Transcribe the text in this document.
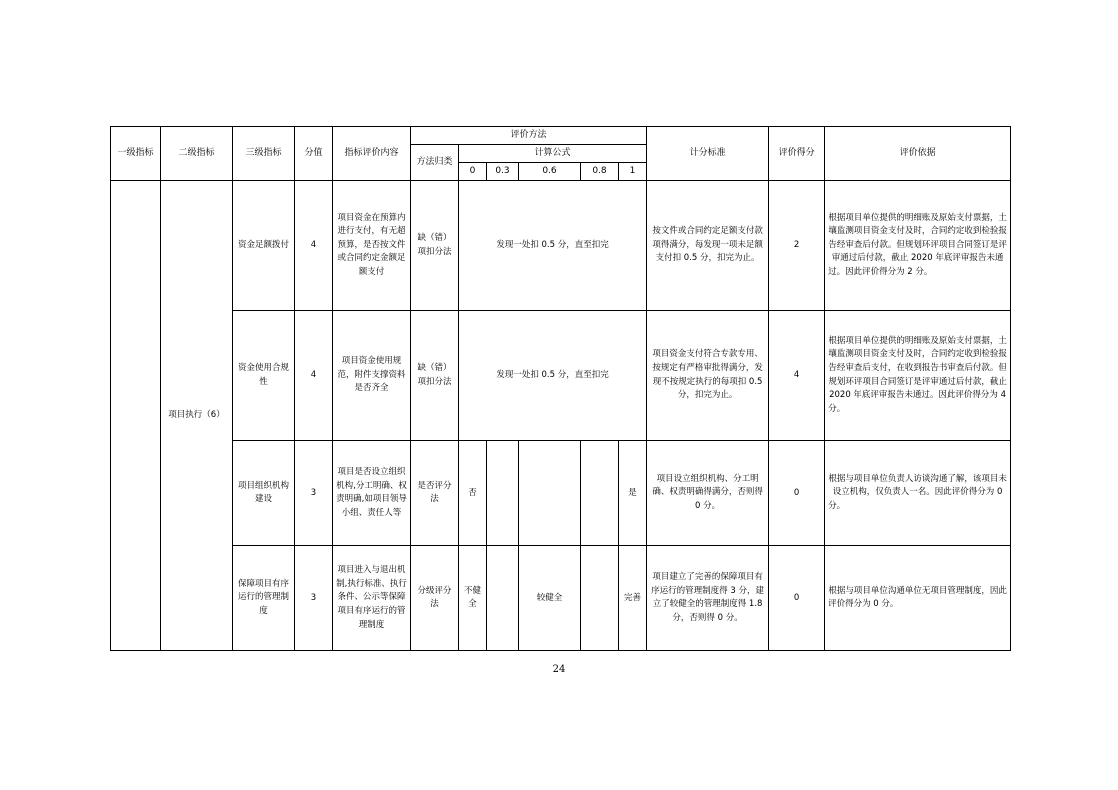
一级指标	二级指标	三级指标	分值	指标评价内容	评价方法						计分标准	评价得分	评价依据
					方法归类	计算公式							
						0	0.3	0.6	0.8	1			
	项目执行（6）	资金足额拨付	4	项目资金在预算内进行支付，有无超预算，是否按文件或合同约定金额足额支付	缺（错）项扣分法	发现一处扣 0.5 分，直至扣完					按文件或合同约定足额支付款项得满分，每发现一项未足额支付扣 0.5 分，扣完为止。	2	根据项目单位提供的明细账及原始支付票据，土壤监测项目资金支付及时，合同约定收到检验报告经审查后付款。但规划环评项目合同签订是评审通过后付款，截止 2020 年底评审报告未通过。因此评价得分为 2 分。
		资金使用合规性	4	项目资金使用规范，附件支撑资料是否齐全	缺（错）项扣分法	发现一处扣 0.5 分，直至扣完					项目资金支付符合专款专用、按规定有严格审批得满分，发现不按规定执行的每项扣 0.5 分，扣完为止。	4	根据项目单位提供的明细账及原始支付票据，土壤监测项目资金支付及时，合同约定收到检验报告经审查后支付，在收到报告书审查后付款。但规划环评项目合同签订是评审通过后付款，截止 2020 年底评审报告未通过。因此评价得分为 4 分。
		项目组织机构建设	3	项目是否设立组织机构,分工明确、权责明确,如项目领导小组、责任人等	是否评分法	否				是	项目设立组织机构、分工明确、权责明确得满分，否则得 0 分。	0	根据与项目单位负责人访谈沟通了解，该项目未设立机构，仅负责人一名。因此评价得分为 0 分。
		保障项目有序运行的管理制度	3	项目进入与退出机制,执行标准、执行条件、公示等保障项目有序运行的管理制度	分级评分法	不健全		较健全		完善	项目建立了完善的保障项目有序运行的管理制度得 3 分，建立了较健全的管理制度得 1.8 分，否则得 0 分。	0	根据与项目单位沟通单位无项目管理制度，因此评价得分为 0 分。
24
